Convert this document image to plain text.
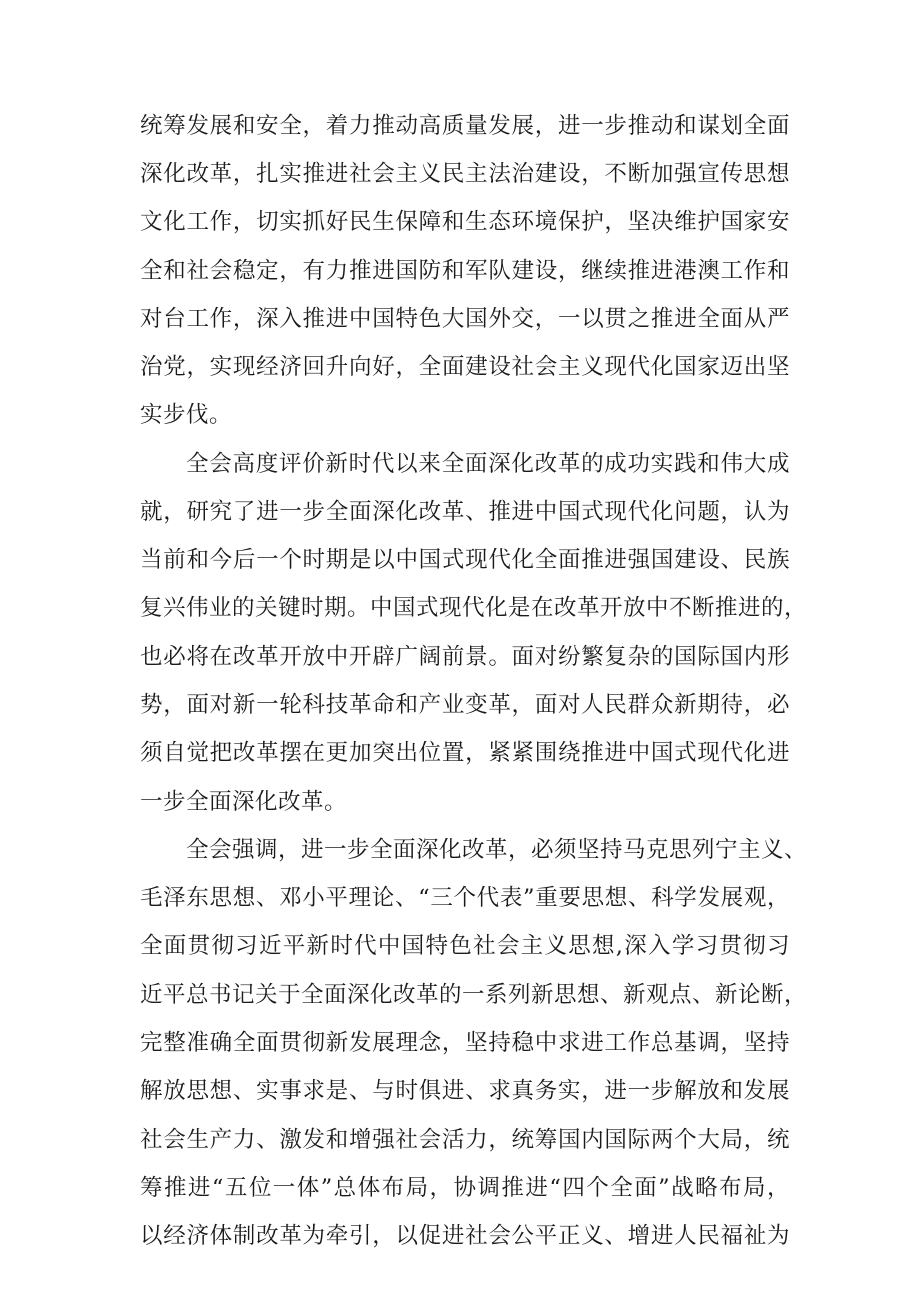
统筹发展和安全，着力推动高质量发展，进一步推动和谋划全面
深化改革，扎实推进社会主义民主法治建设，不断加强宣传思想
文化工作，切实抓好民生保障和生态环境保护，坚决维护国家安
全和社会稳定，有力推进国防和军队建设，继续推进港澳工作和
对台工作，深入推进中国特色大国外交，一以贯之推进全面从严
治党，实现经济回升向好，全面建设社会主义现代化国家迈出坚
实步伐。
全会高度评价新时代以来全面深化改革的成功实践和伟大成
就，研究了进一步全面深化改革、推进中国式现代化问题，认为
当前和今后一个时期是以中国式现代化全面推进强国建设、民族
复兴伟业的关键时期。中国式现代化是在改革开放中不断推进的，
也必将在改革开放中开辟广阔前景。面对纷繁复杂的国际国内形
势，面对新一轮科技革命和产业变革，面对人民群众新期待，必
须自觉把改革摆在更加突出位置，紧紧围绕推进中国式现代化进
一步全面深化改革。
全会强调，进一步全面深化改革，必须坚持马克思列宁主义、
毛泽东思想、邓小平理论、“三个代表”重要思想、科学发展观，
全面贯彻习近平新时代中国特色社会主义思想,深入学习贯彻习
近平总书记关于全面深化改革的一系列新思想、新观点、新论断，
完整准确全面贯彻新发展理念，坚持稳中求进工作总基调，坚持
解放思想、实事求是、与时俱进、求真务实，进一步解放和发展
社会生产力、激发和增强社会活力，统筹国内国际两个大局，统
筹推进“五位一体”总体布局，协调推进“四个全面”战略布局，
以经济体制改革为牵引，以促进社会公平正义、增进人民福祉为
